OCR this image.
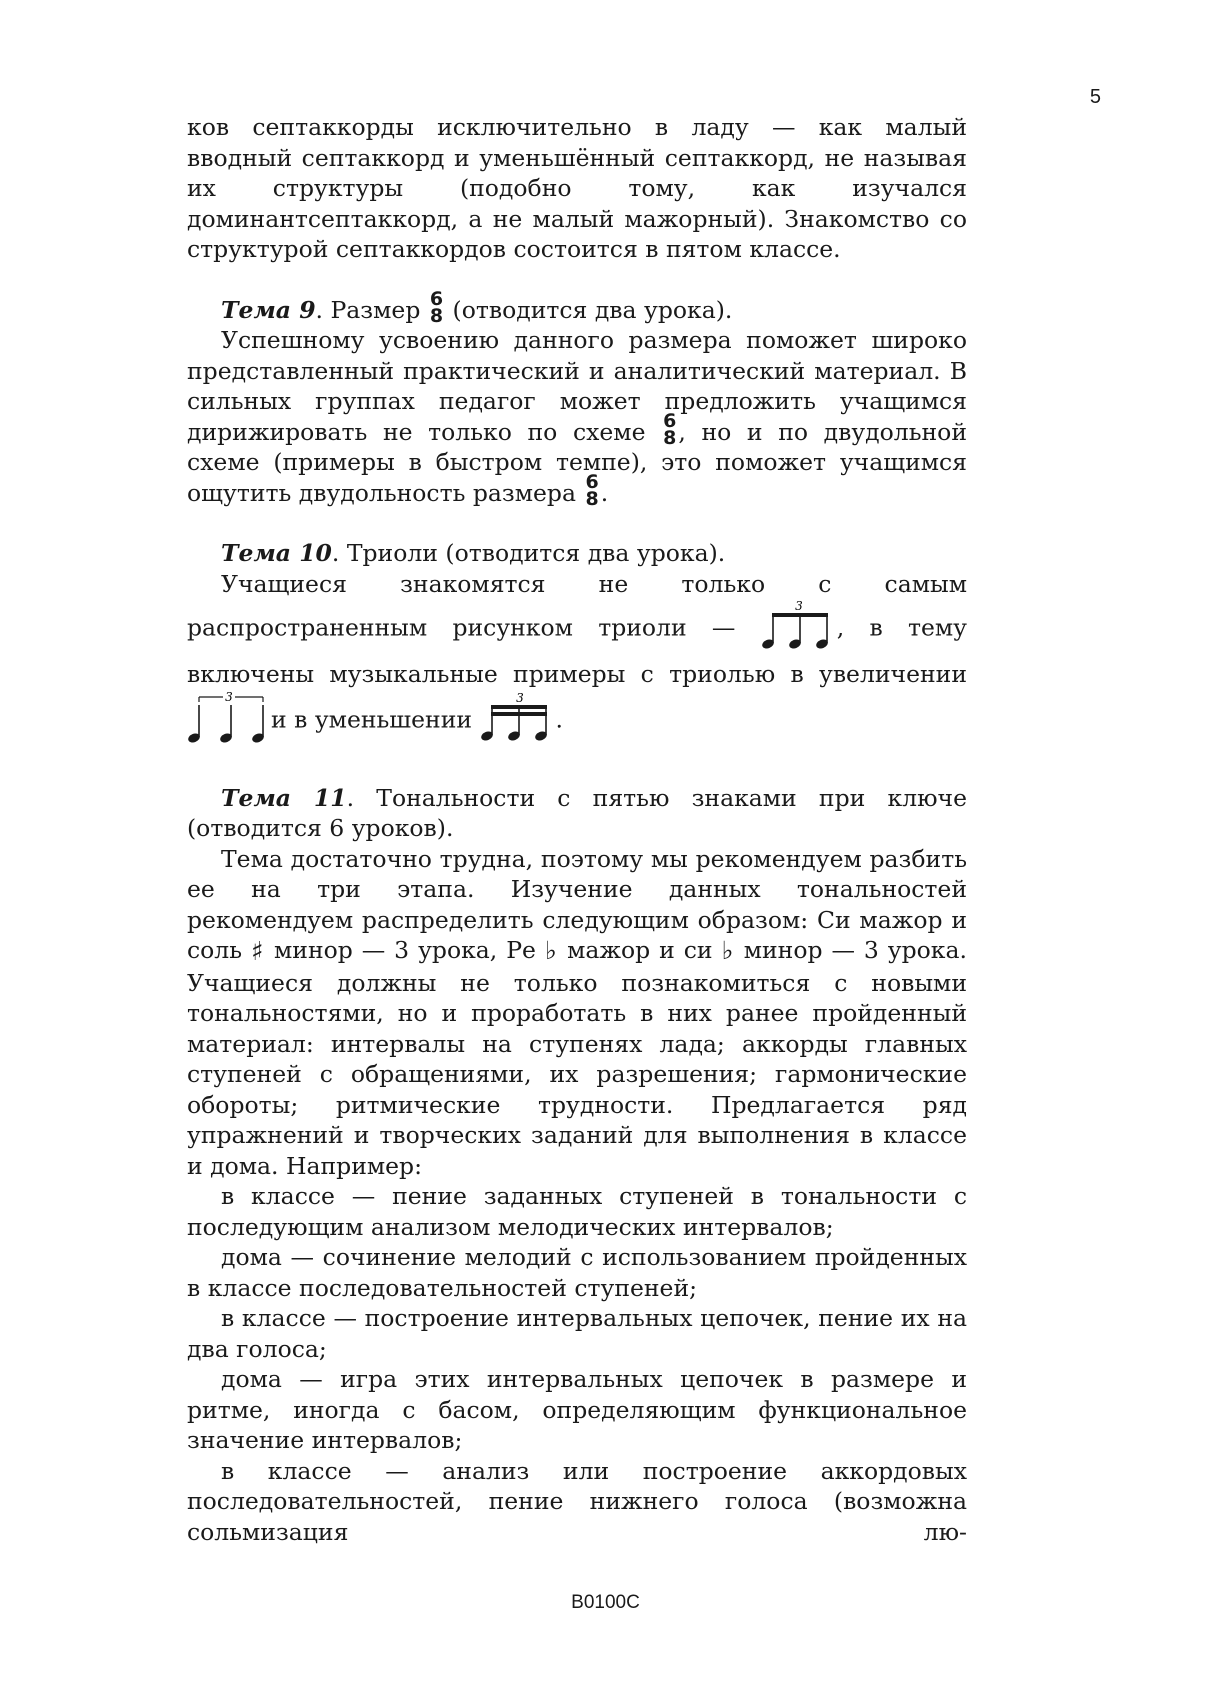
5

ков септаккорды исключительно в ладу — как малый вводный септаккорд и уменьшённый септаккорд, не называя их структуры (подобно тому, как изучался доминантсептаккорд, а не малый мажорный). Знакомство со структурой септаккордов состоится в пятом классе.

Тема 9. Размер 6
8 (отводится два урока).

Успешному усвоению данного размера поможет широко представленный практический и аналитический материал. В сильных группах педагог может предложить учащимся дирижировать не только по схеме 6
8 , но и по двудольной схеме (примеры в быстром темпе), это поможет учащимся ощутить двудольность размера 6
8 .

Тема 10. Триоли (отводится два урока).

Учащиеся знакомятся не только с самым распространенным рисунком триоли —
3
, в тему включены музыкальные примеры с триолью в увеличении
3
и в уменьшении
3
.

Тема 11. Тональности с пятью знаками при ключе (отводится 6 уроков).

Тема достаточно трудна, поэтому мы рекомендуем разбить ее на три этапа. Изучение данных тональностей рекомендуем распределить следующим образом: Си мажор и соль ♯ минор — 3 урока, Ре ♭ мажор и си ♭ минор — 3 урока. Учащиеся должны не только познакомиться с новыми тональностями, но и проработать в них ранее пройденный материал: интервалы на ступенях лада; аккорды главных ступеней с обращениями, их разрешения; гармонические обороты; ритмические трудности. Предлагается ряд упражнений и творческих заданий для выполнения в классе и дома. Например:

в классе — пение заданных ступеней в тональности с последующим анализом мелодических интервалов;

дома — сочинение мелодий с использованием пройденных в классе последовательностей ступеней;

в классе — построение интервальных цепочек, пение их на два голоса;

дома — игра этих интервальных цепочек в размере и ритме, иногда с басом, определяющим функциональное значение интервалов;

в классе — анализ или построение аккордовых последовательностей, пение нижнего голоса (возможна сольмизация лю-

В0100С
